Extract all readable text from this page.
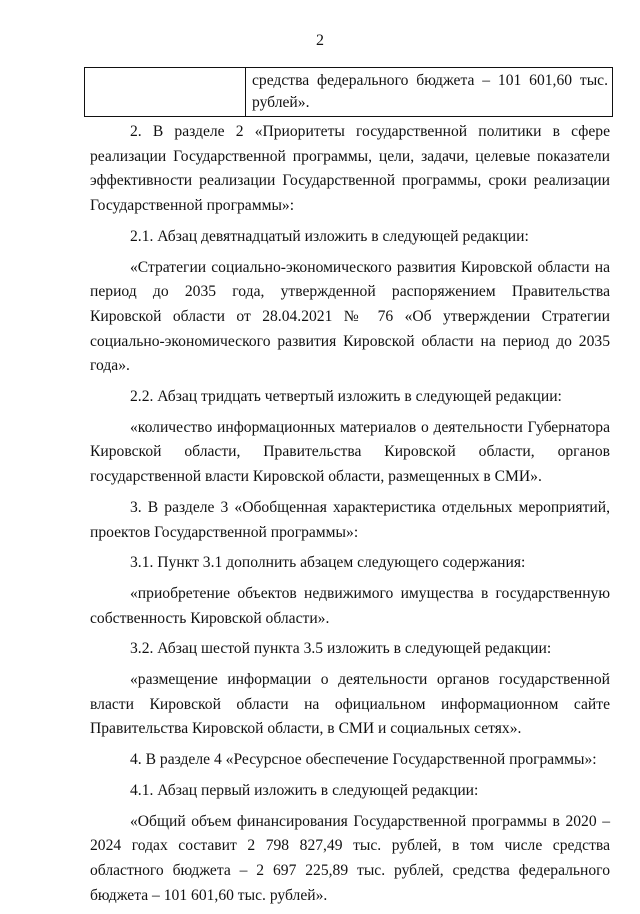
2
	средства федерального бюджета – 101 601,60 тыс. рублей».

2. В разделе 2 «Приоритеты государственной политики в сфере реализации Государственной программы, цели, задачи, целевые показатели эффективности реализации Государственной программы, сроки реализации Государственной программы»:

2.1. Абзац девятнадцатый изложить в следующей редакции:

«Стратегии социально-экономического развития Кировской области на период до 2035 года, утвержденной распоряжением Правительства Кировской области от 28.04.2021 № 76 «Об утверждении Стратегии социально-экономического развития Кировской области на период до 2035 года».

2.2. Абзац тридцать четвертый изложить в следующей редакции:

«количество информационных материалов о деятельности Губернатора Кировской области, Правительства Кировской области, органов государственной власти Кировской области, размещенных в СМИ».

3. В разделе 3 «Обобщенная характеристика отдельных мероприятий, проектов Государственной программы»:

3.1. Пункт 3.1 дополнить абзацем следующего содержания:

«приобретение объектов недвижимого имущества в государственную собственность Кировской области».

3.2. Абзац шестой пункта 3.5 изложить в следующей редакции:

«размещение информации о деятельности органов государственной власти Кировской области на официальном информационном сайте Правительства Кировской области, в СМИ и социальных сетях».

4. В разделе 4 «Ресурсное обеспечение Государственной программы»:

4.1. Абзац первый изложить в следующей редакции:

«Общий объем финансирования Государственной программы в 2020 – 2024 годах составит 2 798 827,49 тыс. рублей, в том числе средства областного бюджета – 2 697 225,89 тыс. рублей, средства федерального бюджета – 101 601,60 тыс. рублей».
